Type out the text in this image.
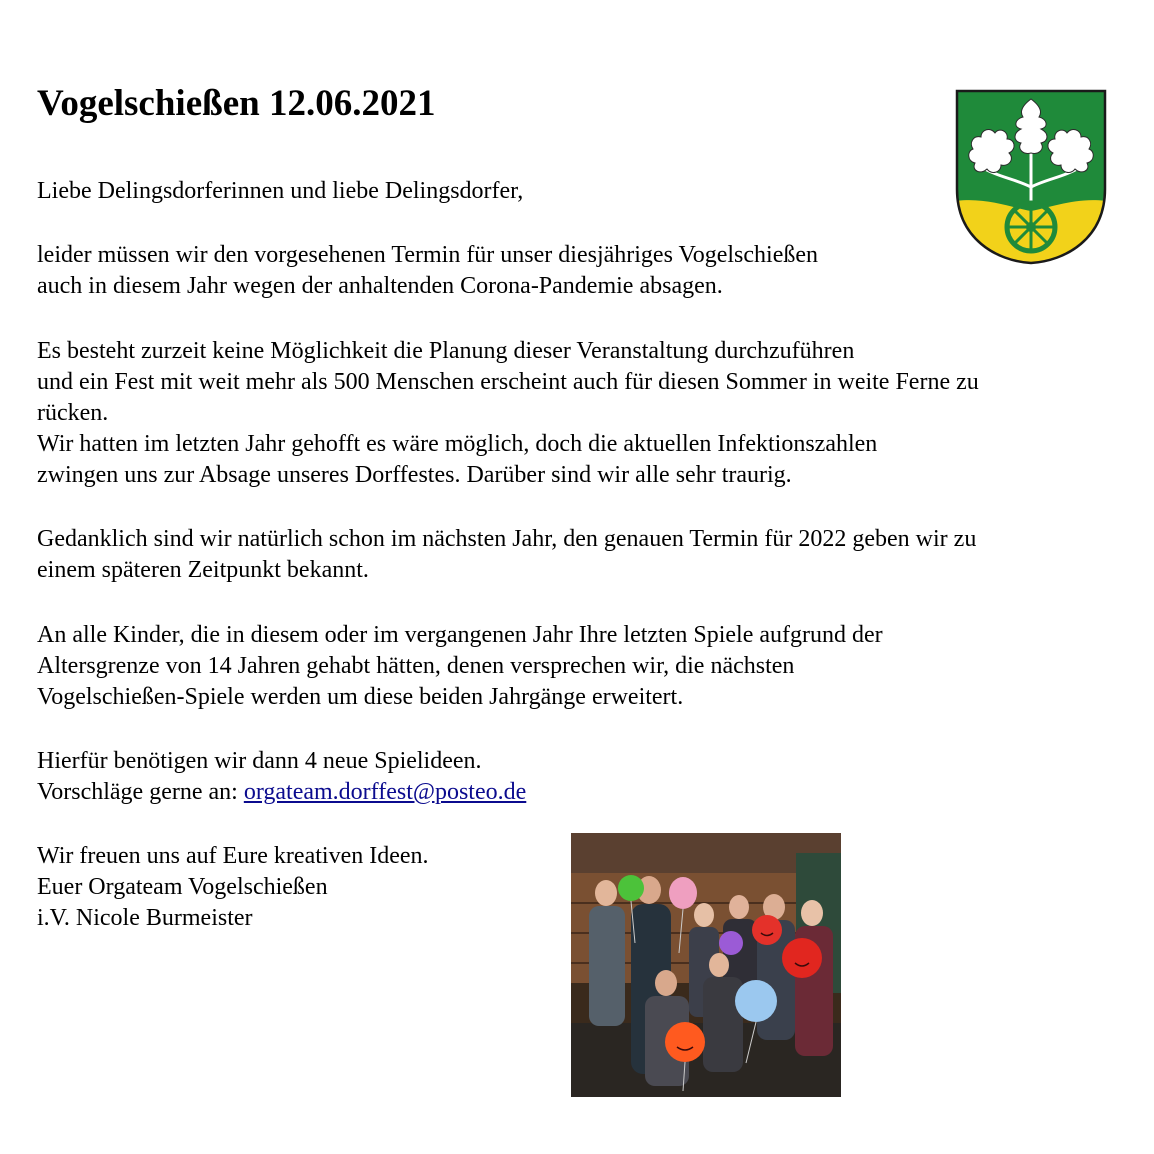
Vogelschießen 12.06.2021
Liebe Delingsdorferinnen und liebe Delingsdorfer,
leider müssen wir den vorgesehenen Termin für unser diesjähriges Vogelschießen
auch in diesem Jahr wegen der anhaltenden Corona-Pandemie absagen.
Es besteht zurzeit keine Möglichkeit die Planung dieser Veranstaltung durchzuführen
und ein Fest mit weit mehr als 500 Menschen erscheint auch für diesen Sommer in weite Ferne zu
rücken.
Wir hatten im letzten Jahr gehofft es wäre möglich, doch die aktuellen Infektionszahlen
zwingen uns zur Absage unseres Dorffestes. Darüber sind wir alle sehr traurig.
Gedanklich sind wir natürlich schon im nächsten Jahr, den genauen Termin für 2022 geben wir zu
einem späteren Zeitpunkt bekannt.
An alle Kinder, die in diesem oder im vergangenen Jahr Ihre letzten Spiele aufgrund der
Altersgrenze von 14 Jahren gehabt hätten, denen versprechen wir, die nächsten
Vogelschießen-Spiele werden um diese beiden Jahrgänge erweitert.
Hierfür benötigen wir dann 4 neue Spielideen.
Vorschläge gerne an: orgateam.dorffest@posteo.de
Wir freuen uns auf Eure kreativen Ideen.
Euer Orgateam Vogelschießen
i.V. Nicole Burmeister
